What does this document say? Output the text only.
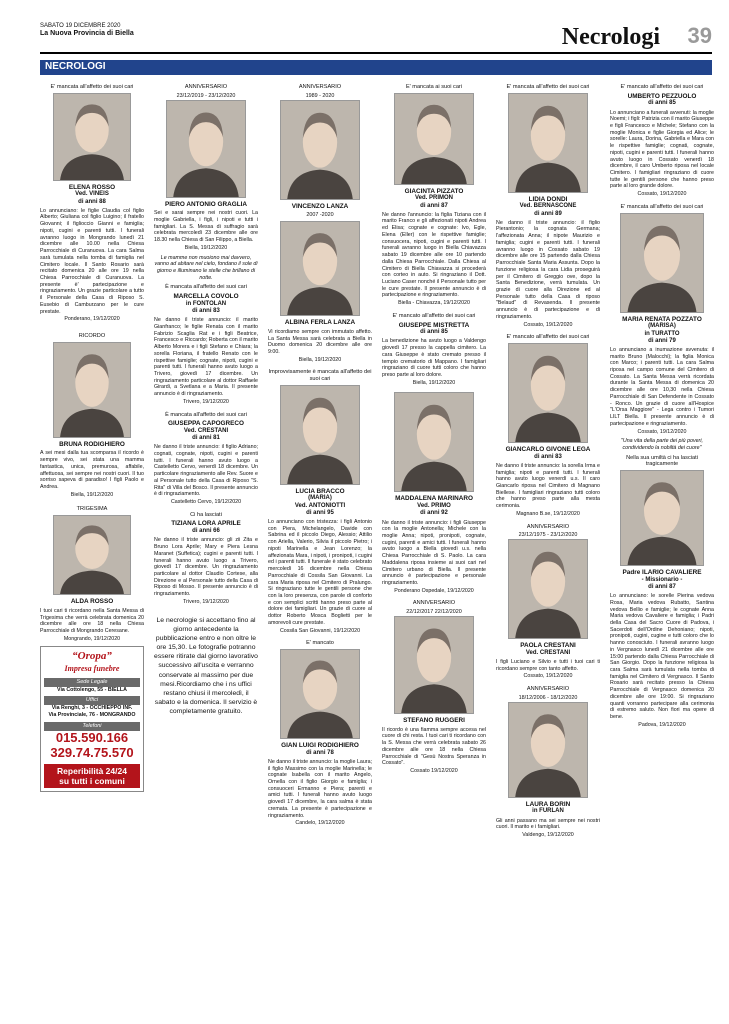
SABATO 19 DICEMBRE 2020
La Nuova Provincia di Biella	Necrologi 39
NECROLOGI
E' mancata all'affetto dei suoi cari
ELENA ROSSO
Ved. VINEIS
di anni 88
Lo annunciano: le figlie Claudia col figlio Alberto; Giuliana col figlio Luigino; il fratello Giovanni; il figlioccio Gianni e famiglia; nipoti, cugini e parenti tutti. I funerali avranno luogo in Mongrando lunedì 21 dicembre alle 10.00 nella Chiesa Parrocchiale di Curanuova. La cara Salma sarà tumulata nella tomba di famiglia nel Cimitero locale. Il Santo Rosario sarà recitato domenica 20 alle ore 19 nella Chiesa Parrocchiale di Curanuova. La presente è' partecipazione e ringraziamento. Un grazie particolare a tutto il Personale della Casa di Riposo S. Eusebio di Camburzano per le cure prestate.
Ponderano, 19/12/2020
RICORDO
BRUNA RODIGHIERO
A sei mesi dalla tua scomparsa il ricordo è sempre vivo, sei stata una mamma fantastica, unica, premurosa, affabile, affettuosa, sei sempre nei nostri cuori. Il tuo sorriso sapeva di paradiso! I figli Paolo e Andrea.
Biella, 19/12/2020
TRIGESIMA
ALDA ROSSO
I tuoi cari ti ricordano nella Santa Messa di Trigesima che verrà celebrata domenica 20 dicembre alle ore 18 nella Chiesa Parrocchiale di Mongrando Ceresane.
Mongrando, 19/12/2020
“Oropa”
Impresa funebre
Sede Legale
Via Cottolengo, 55 - BIELLA
Uffici
Via Renghi, 3 - OCCHIEPPO INF.
Via Provinciale, 76 - MONGRANDO
Telefoni
015.590.166
329.74.75.570
Reperibilità 24/24
su tutti i comuni
ANNIVERSARIO
23/12/2019 - 23/12/2020
PIERO ANTONIO GRAGLIA
Sei e sarai sempre nei nostri cuori. La moglie Gabriella, i figli, i nipoti e tutti i famigliari. La S. Messa di suffragio sarà celebrata mercoledì 23 dicembre alle ore 18.30 nella Chiesa di San Filippo, a Biella.
Biella, 19/12/2020
Le mamme non muoiono mai davvero, vanno ad abitare nel cielo, fondano il sole di giorno e illuminano le stelle che brillano di notte.
È mancata all'affetto dei suoi cari
MARCELLA COVOLO
in FONTOLAN
di anni 83
Ne danno il triste annuncio: il marito Gianfranco; le figlie Renata con il marito Fabrizio Scaglia Rat e i figli Beatrice, Francesco e Riccardo; Roberta con il marito Alberto Morera e i figli Stefano e Chiara; la sorella Floriana, il fratello Renato con le rispettive famiglie; cognate, nipoti, cugini e parenti tutti. I funerali hanno avuto luogo a Trivero, giovedì 17 dicembre. Un ringraziamento particolare al dottor Raffaele Girardi, a Svetlana e a Maria. Il presente annuncio è di ringraziamento.
Trivero, 19/12/2020
È mancata all'affetto dei suoi cari
GIUSEPPA CAPOGRECO
Ved. CRESTANI
di anni 81
Ne danno il triste annuncio: il figlio Adriano; cognati, cognate, nipoti, cugini e parenti tutti. I funerali hanno avuto luogo a Castelletto Cervo, venerdì 18 dicembre. Un particolare ringraziamento alle Rev. Suore e al Personale tutto della Casa di Riposo "S. Rita" di Villa del Bosco. Il presente annuncio è di ringraziamento.
Castelletto Cervo, 19/12/2020
Ci ha lasciati
TIZIANA LORA APRILE
di anni 66
Ne danno il triste annuncio: gli zii Zita e Bruno Lora Aprile; Mary e Piera Lesna Maranet (Suffetica); cugini e parenti tutti. I funerali hanno avuto luogo a Trivero, giovedì 17 dicembre. Un ringraziamento particolare al dottor Claudio Cortese, alla Direzione e al Personale tutto della Casa di Riposo di Mosso. Il presente annuncio è di ringraziamento.
Trivero, 19/12/2020
Le necrologie si accettano fino al giorno antecedente la pubblicazione entro e non oltre le ore 15,30. Le fotografie potranno essere ritirate dal giorno lavorativo successivo all'uscita e verranno conservate al massimo per due mesi.Ricordiamo che i ns uffici restano chiusi il mercoledì, il sabato e la domenica. Il servizio è completamente gratuito.
ANNIVERSARIO
1989 - 2020
VINCENZO LANZA
2007 -2020
ALBINA FERLA LANZA
Vi ricordiamo sempre con immutato affetto. La Santa Messa sarà celebrata a Biella in Duomo domenica 20 dicembre alle ore 9:00.
Biella, 19/12/2020
Improvvisamente è mancata all'affetto dei suoi cari
LUCIA BRACCO
(MARIA)
Ved. ANTONIOTTI
di anni 95
Lo annunciano con tristezza: i figli Antonio con Piera, Michelangelo, Davide con Sabrina ed il piccolo Diego, Alessio; Attilio con Ariella, Valerio, Silvia il piccolo Pietro; i nipoti Marinella e Jean Lorenzo; la affezionata Mara, i nipoti, i pronipoti, i cugini ed i parenti tutti. Il funerale è stato celebrato mercoledì 16 dicembre nella Chiesa Parrocchiale di Cossila San Giovanni. La cara Maria riposa nel Cimitero di Pralungo. Si ringraziano tutte le gentili persone che con la loro presenza, con parole di conforto e con semplici scritti hanno preso parte al dolore dei famigliari. Un grazie di cuore al dottor Roberto Mosca Boglietti per le amorevoli cure prestate.
Cossila San Giovanni, 19/12/2020
E' mancato
GIAN LUIGI RODIGHIERO
di anni 78
Ne danno il triste annuncio: la moglie Laura; il figlio Massimo con la moglie Marinella; le cognate Isabella con il marito Angelo, Ornella con il figlio Giorgio e famiglia; i consuoceri Ermanno e Piera; parenti e amici tutti. I funerali hanno avuto luogo giovedì 17 dicembre, la cara salma è stata cremata. La presente è partecipazione e ringraziamento.
Candelo, 19/12/2020
E' mancata ai suoi cari
GIACINTA PIZZATO
Ved. PRIMON
di anni 87
Ne danno l'annuncio: la figlia Tiziana con il marito Franco e gli affezionati nipoti Andrea ed Elisa; cognate e cognate: Ivo, Egle, Elena (Eller) con le rispettive famiglie; consuocera, nipoti, cugini e parenti tutti. I funerali avranno luogo in Biella Chiavazza sabato 19 dicembre alle ore 10 partendo dalla Chiesa Parrocchiale. Dalla Chiesa al Cimitero di Biella Chiavazza si procederà con corteo in auto. Si ringraziano il Dott. Luciano Caser nonché il Personale tutto per le cure prestate. Il presente annuncio è di partecipazione e ringraziamento.
Biella - Chiavazza, 19/12/2020
E' mancato all'affetto dei suoi cari
GIUSEPPE MISTRETTA
di anni 85
La benedizione ha avuto luogo a Valdengo giovedì 17 presso la cappella cimitero. La cara Giuseppe è stato cremato presso il tempio crematorio di Mappano. I famigliari ringraziano di cuore tutti coloro che hanno preso parte al loro dolore.
Biella, 19/12/2020
MADDALENA MARINARO
Ved. PRIMO
di anni 92
Ne danno il triste annuncio: i figli Giuseppe con la moglie Antonella; Michele con la moglie Anna; nipoti, pronipoti, cognate, cugini, parenti e amici tutti. I funerali hanno avuto luogo a Biella giovedì u.s. nella Chiesa Parrocchiale di S. Paolo. La cara Maddalena riposa insieme ai suoi cari nel Cimitero urbano di Biella. Il presente annuncio è partecipazione e personale ringraziamento.
Ponderano Ospedale, 19/12/2020
ANNIVERSARIO
22/12/2017 22/12/2020
STEFANO RUGGERI
Il ricordo è una fiamma sempre accesa nel cuore di chi resta. I tuoi cari ti ricordano con la S. Messa che verrà celebrata sabato 26 dicembre alle ore 18 nella Chiesa Parrocchiale di "Gesù Nostra Speranza in Cossato".
Cossato 19/12/2020
E' mancata all'affetto dei suoi cari
LIDIA DONDI
Ved. BERNASCONE
di anni 89
Ne danno il triste annuncio: il figlio Pierantonio; la cognata Germana; l'affezionata Anna; il nipote Maurizio e famiglia; cugini e parenti tutti. I funerali avranno luogo in Cossato sabato 19 dicembre alle ore 15 partendo dalla Chiesa Parrocchiale Santa Maria Assunta. Dopo la funzione religiosa la cara Lidia proseguirà per il Cimitero di Greggio ove, dopo la Santa Benedizione, verrà tumulata. Un grazie di cuore alla Direzione ed al Personale tutto della Casa di riposo "Belaud" di Revasenda. Il presente annuncio è di partecipazione e di ringraziamento.
Cossato, 19/12/2020
E' mancato all'affetto dei suoi cari
GIANCARLO GIVONE LEGA
di anni 83
Ne danno il triste annuncio: la sorella Irma e famiglia; nipoti e parenti tutti. I funerali hanno avuto luogo venerdì u.s. Il caro Giancarlo riposa nel Cimitero di Magnano Biellese. I famigliari ringraziano tutti coloro che hanno preso parte alla mesta cerimonia.
Magnano B.se, 19/12/2020
ANNIVERSARIO
23/12/1975 - 23/12/2020
PAOLA CRESTANI
Ved. CRESTANI
I figli Luciano e Silvio e tutti i tuoi cari ti ricordano sempre con tanto affetto.
Cossato, 19/12/2020
ANNIVERSARIO
18/12/2006 - 18/12/2020
LAURA BORIN
in FURLAN
Gli anni passano ma sei sempre nei nostri cuori. Il marito e i famigliari.
Valdengo, 19/12/2020
E' mancato all'affetto dei suoi cari
UMBERTO PEZZUOLO
di anni 85
Lo annunciano a funerali avvenuti: la moglie Noemi; i figli: Patrizia con il marito Giuseppe e figli Francesco e Michele; Stefano con la moglie Monica e figlie Giorgia ed Alice; le sorelle: Laura, Dorina, Gabriella e Mara con le rispettive famiglie; cognati, cognate, nipoti, cugini e parenti tutti. I funerali hanno avuto luogo in Cossato venerdì 18 dicembre, il caro Umberto riposa nel locale Cimitero. I famigliari ringraziano di cuore tutte le gentili persone che hanno preso parte al loro grande dolore.
Cossato, 19/12/2020
E' mancata all'affetto dei suoi cari
MARIA RENATA POZZATO
(MARISA)
in TURATTO
di anni 79
Lo annunciano a inumazione avvenuta: il marito Bruno (Malocchi); la figlia Monica con Marco; i parenti tutti. La cara Salma riposa nel campo comune del Cimitero di Cossato. La Santa Messa verrà ricordata durante la Santa Messa di domenica 20 dicembre alle ore 10,30 nella Chiesa Parrocchiale di San Defendente in Cossato - Ronco. Un grazie di cuore all'Hospice "L'Orsa Maggiore" - Lega contro i Tumori LILT Biella. Il presente annuncio è di partecipazione e ringraziamento.
Cossato, 19/12/2020
"Una vita della parte dei più poveri, condividendo la nobiltà dei cuore"
Nella sua umiltà ci ha lasciati tragicamente
Padre ILARIO CAVALIERE
- Missionario -
di anni 87
Lo annunciano: le sorelle Pierina vedova Rosa, Maria vedova Rubatto, Santina vedova Bellio e famiglie; le cognate Anna Maria vedova Cavaliere e famiglia; i Padri della Casa del Sacro Cuore di Padova, i Sacerdoti dell'Ordine Dehoniano; nipoti, pronipoti, cugini, cugine e tutti coloro che lo hanno conosciuto. I funerali avranno luogo in Vergnasco lunedì 21 dicembre alle ore 15:00 partendo dalla Chiesa Parrocchiale di San Giorgio. Dopo la funzione religiosa la cara Salma sarà tumulata nella tomba di famiglia nel Cimitero di Vergnasco. Il Santo Rosario sarà recitato presso la Chiesa Parrocchiale di Vergnasco domenica 20 dicembre alle ore 19:00. Si ringraziano quanti vorranno partecipare alla cerimonia di estremo saluto. Non fiori ma opere di bene.
Padova, 19/12/2020
